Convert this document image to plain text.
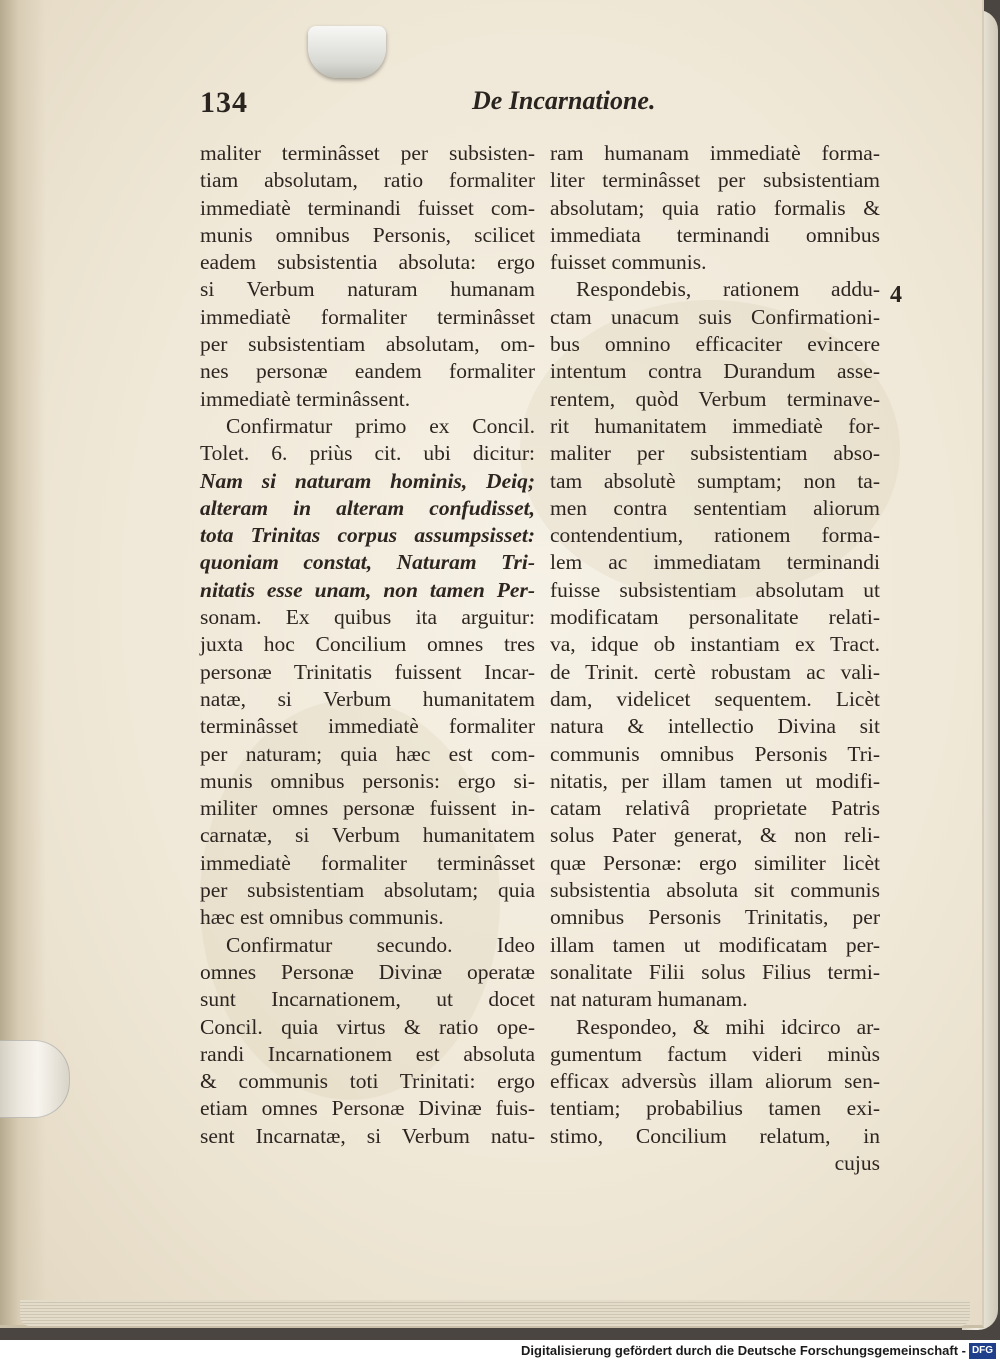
134	De Incarnatione.
4
maliter terminâsset per subsisten-
tiam absolutam, ratio formaliter
immediatè terminandi fuisset com-
munis omnibus Personis, scilicet
eadem subsistentia absoluta: ergo
si Verbum naturam humanam
immediatè formaliter terminâsset
per subsistentiam absolutam, om-
nes personæ eandem formaliter
immediatè terminâssent.
Confirmatur primo ex Concil.
Tolet. 6. priùs cit. ubi dicitur:
Nam si naturam hominis, Deiq;
alteram in alteram confudisset,
tota Trinitas corpus assumpsisset:
quoniam constat, Naturam Tri-
nitatis esse unam, non tamen Per-
sonam. Ex quibus ita arguitur:
juxta hoc Concilium omnes tres
personæ Trinitatis fuissent Incar-
natæ, si Verbum humanitatem
terminâsset immediatè formaliter
per naturam; quia hæc est com-
munis omnibus personis: ergo si-
militer omnes personæ fuissent in-
carnatæ, si Verbum humanitatem
immediatè formaliter terminâsset
per subsistentiam absolutam; quia
hæc est omnibus communis.
Confirmatur secundo. Ideo
omnes Personæ Divinæ operatæ
sunt Incarnationem, ut docet
Concil. quia virtus & ratio ope-
randi Incarnationem est absoluta
& communis toti Trinitati: ergo
etiam omnes Personæ Divinæ fuis-
sent Incarnatæ, si Verbum natu-
ram humanam immediatè forma-
liter terminâsset per subsistentiam
absolutam; quia ratio formalis &
immediata terminandi omnibus
fuisset communis.
Respondebis, rationem addu-
ctam unacum suis Confirmationi-
bus omnino efficaciter evincere
intentum contra Durandum asse-
rentem, quòd Verbum terminave-
rit humanitatem immediatè for-
maliter per subsistentiam abso-
tam absolutè sumptam; non ta-
men contra sententiam aliorum
contendentium, rationem forma-
lem ac immediatam terminandi
fuisse subsistentiam absolutam ut
modificatam personalitate relati-
va, idque ob instantiam ex Tract.
de Trinit. certè robustam ac vali-
dam, videlicet sequentem. Licèt
natura & intellectio Divina sit
communis omnibus Personis Tri-
nitatis, per illam tamen ut modifi-
catam relativâ proprietate Patris
solus Pater generat, & non reli-
quæ Personæ: ergo similiter licèt
subsistentia absoluta sit communis
omnibus Personis Trinitatis, per
illam tamen ut modificatam per-
sonalitate Filii solus Filius termi-
nat naturam humanam.
Respondeo, & mihi idcirco ar-
gumentum factum videri minùs
efficax adversùs illam aliorum sen-
tentiam; probabilius tamen exi-
stimo, Concilium relatum, in
cujus
Digitalisierung gefördert durch die Deutsche Forschungsgemeinschaft - DFG
